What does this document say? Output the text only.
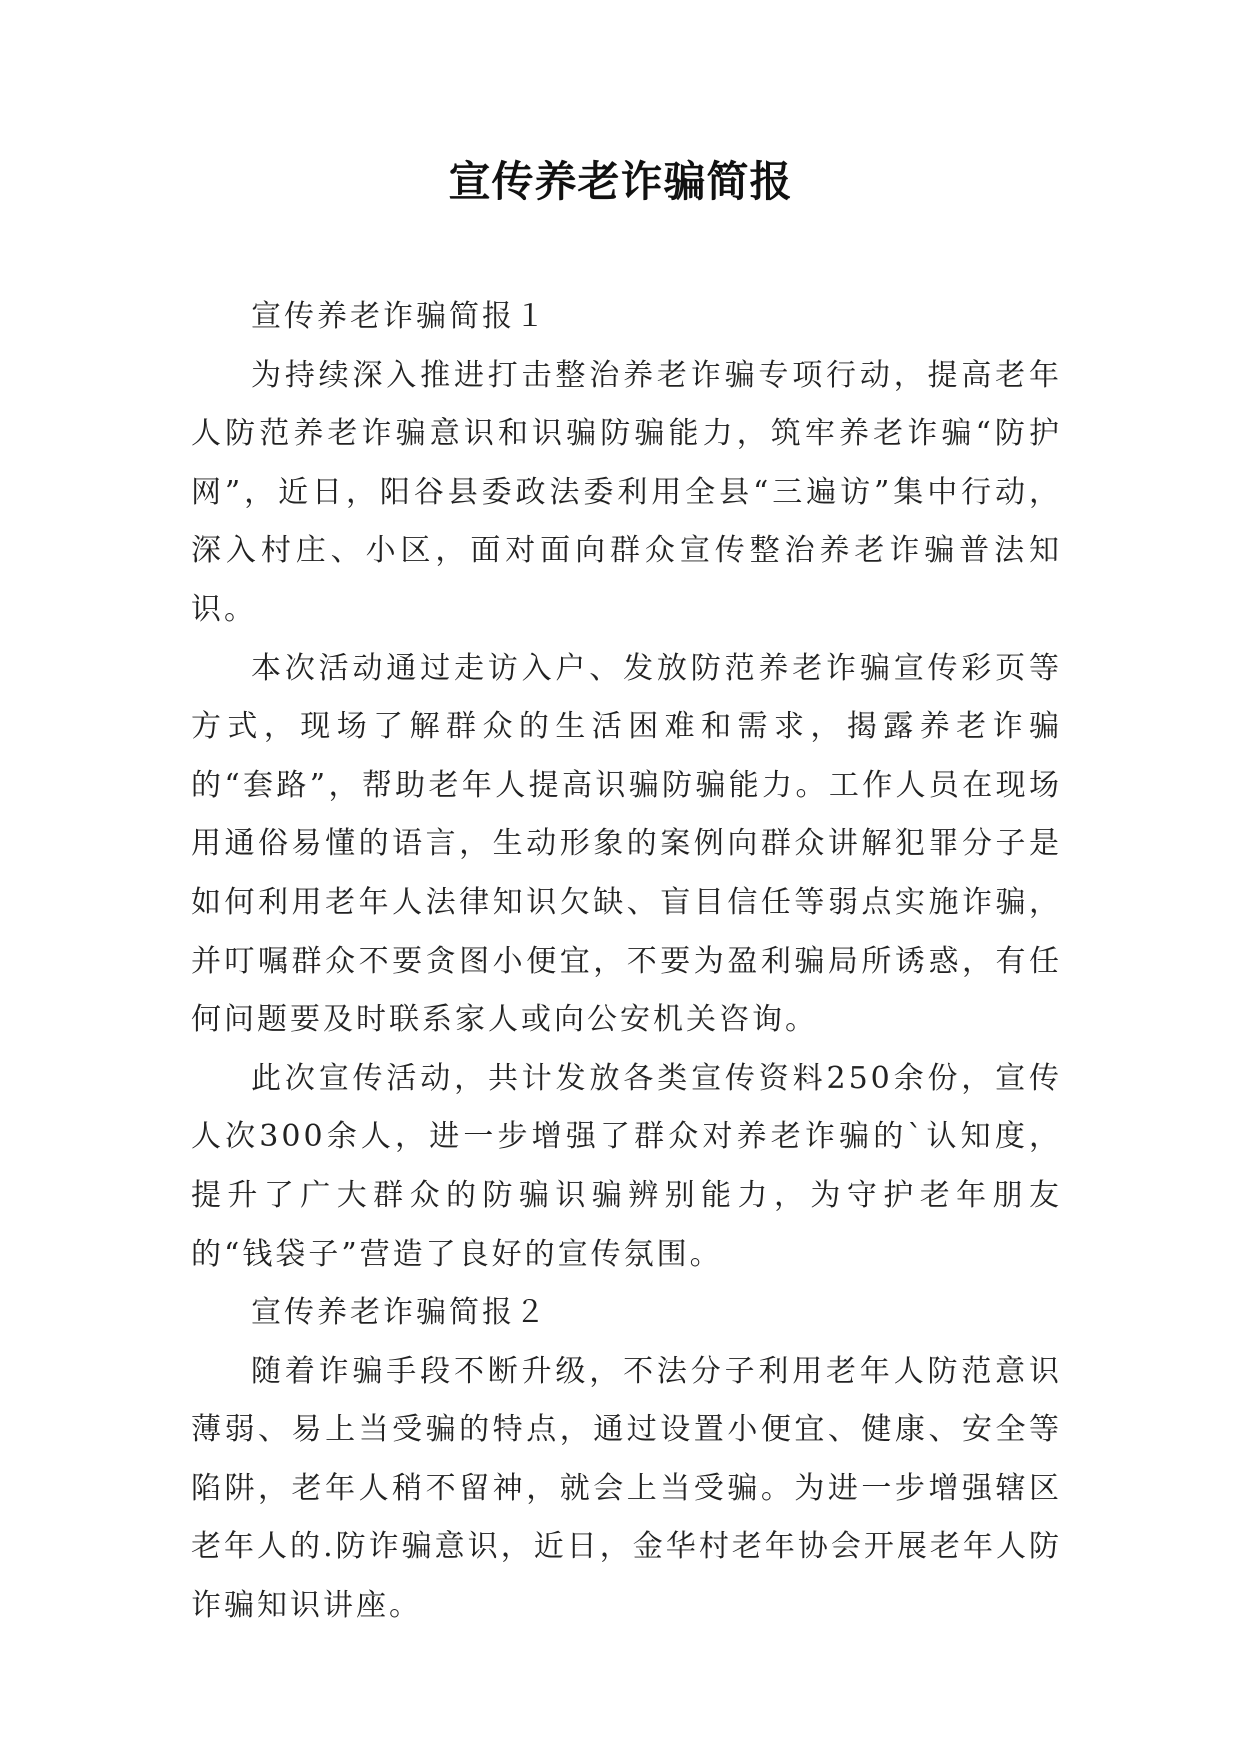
宣传养老诈骗简报

宣传养老诈骗简报１

为持续深入推进打击整治养老诈骗专项行动，提高老年人防范养老诈骗意识和识骗防骗能力，筑牢养老诈骗“防护网”，近日，阳谷县委政法委利用全县“三遍访”集中行动，深入村庄、小区，面对面向群众宣传整治养老诈骗普法知识。

本次活动通过走访入户、发放防范养老诈骗宣传彩页等方式，现场了解群众的生活困难和需求，揭露养老诈骗的“套路”，帮助老年人提高识骗防骗能力。工作人员在现场用通俗易懂的语言，生动形象的案例向群众讲解犯罪分子是如何利用老年人法律知识欠缺、盲目信任等弱点实施诈骗，并叮嘱群众不要贪图小便宜，不要为盈利骗局所诱惑，有任何问题要及时联系家人或向公安机关咨询。

此次宣传活动，共计发放各类宣传资料250余份，宣传人次300余人，进一步增强了群众对养老诈骗的`认知度，提升了广大群众的防骗识骗辨别能力，为守护老年朋友的“钱袋子”营造了良好的宣传氛围。

宣传养老诈骗简报２

随着诈骗手段不断升级，不法分子利用老年人防范意识薄弱、易上当受骗的特点，通过设置小便宜、健康、安全等陷阱，老年人稍不留神，就会上当受骗。为进一步增强辖区老年人的.防诈骗意识，近日，金华村老年协会开展老年人防诈骗知识讲座。
